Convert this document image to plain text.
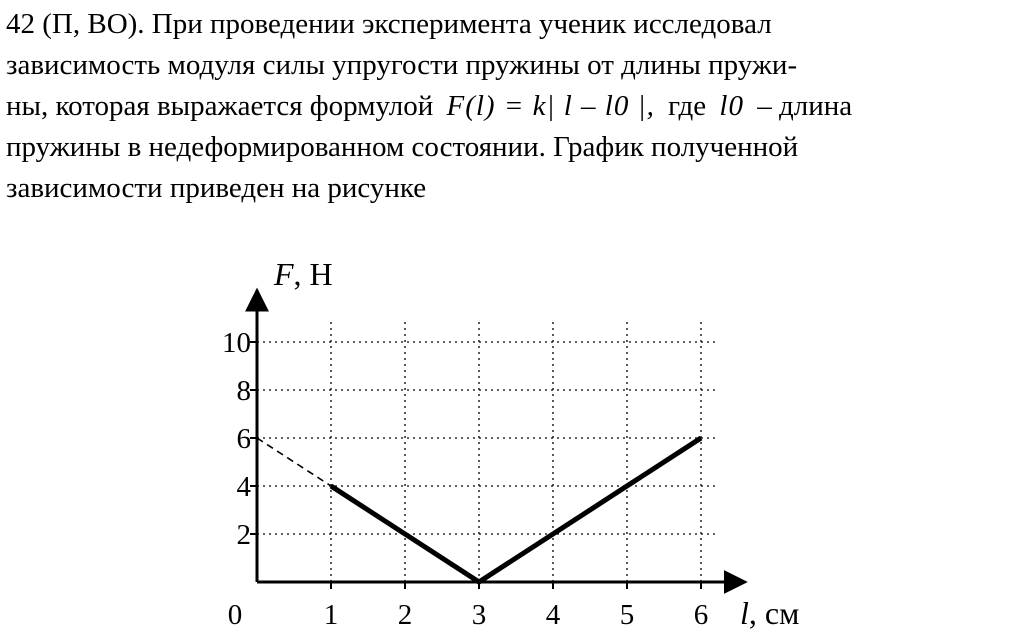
42 (П, ВО). При проведении эксперимента ученик исследовал
зависимость модуля силы упругости пружины от длины пружи-
ны, которая выражается формулой F(l) = k| l – l0 |, где l0 – длина
пружины в недеформированном состоянии. График полученной
зависимости приведен на рисунке
1 2 3 4 5 6
2
4
6
8
10
0
F, Н
l, см
